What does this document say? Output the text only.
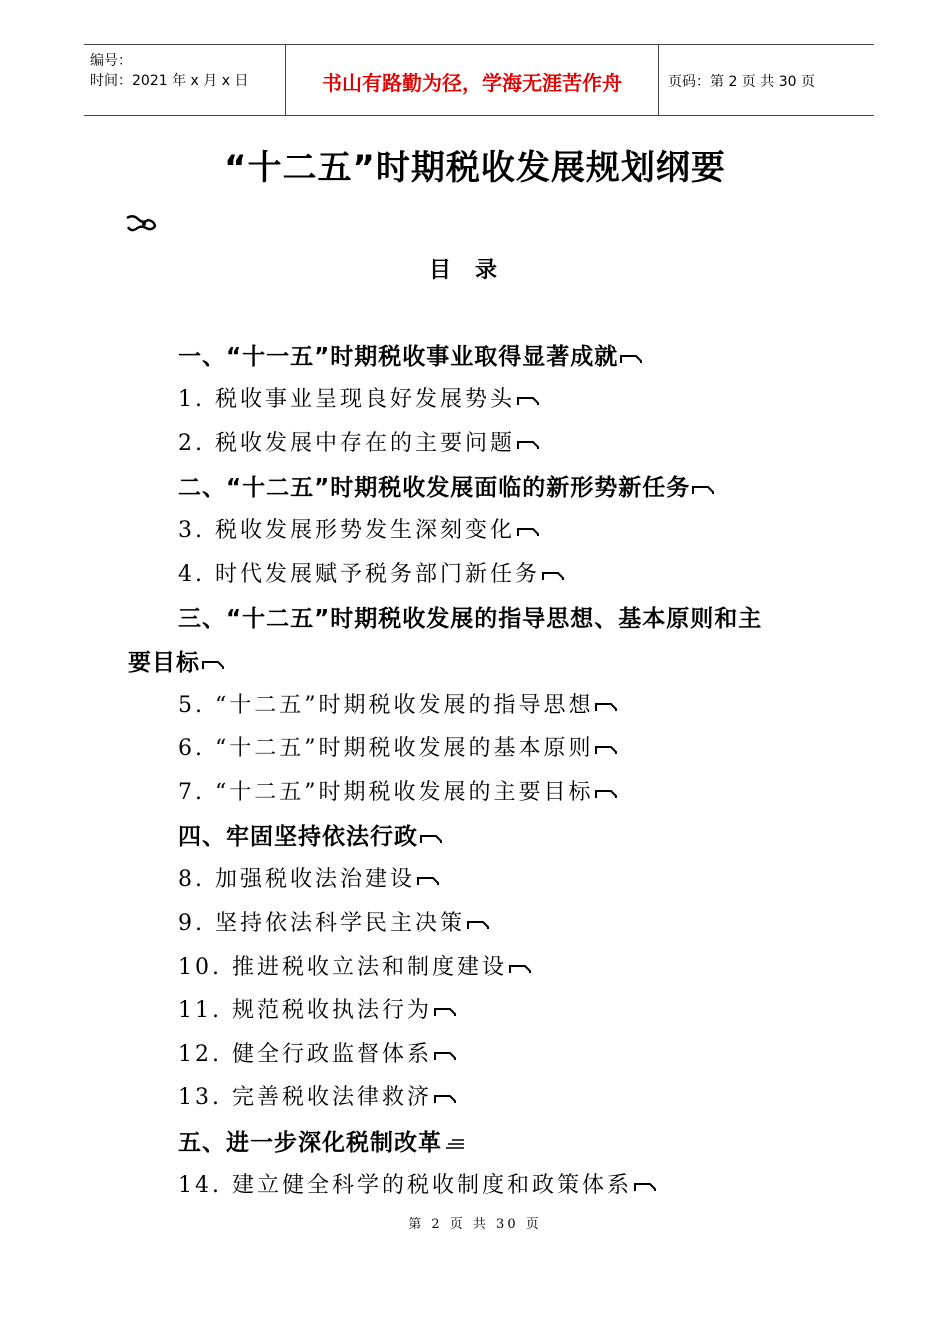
编号：
时间：2021 年 x 月 x 日	书山有路勤为径，学海无涯苦作舟	页码：第 2 页 共 30 页
“十二五”时期税收发展规划纲要
目录
一、“十一五”时期税收事业取得显著成就
1. 税收事业呈现良好发展势头
2. 税收发展中存在的主要问题
二、“十二五”时期税收发展面临的新形势新任务
3. 税收发展形势发生深刻变化
4. 时代发展赋予税务部门新任务
三、“十二五”时期税收发展的指导思想、基本原则和主
要目标
5. “十二五”时期税收发展的指导思想
6. “十二五”时期税收发展的基本原则
7. “十二五”时期税收发展的主要目标
四、牢固坚持依法行政
8. 加强税收法治建设
9. 坚持依法科学民主决策
10. 推进税收立法和制度建设
11. 规范税收执法行为
12. 健全行政监督体系
13. 完善税收法律救济
五、进一步深化税制改革
14. 建立健全科学的税收制度和政策体系
第 2 页 共 30 页
